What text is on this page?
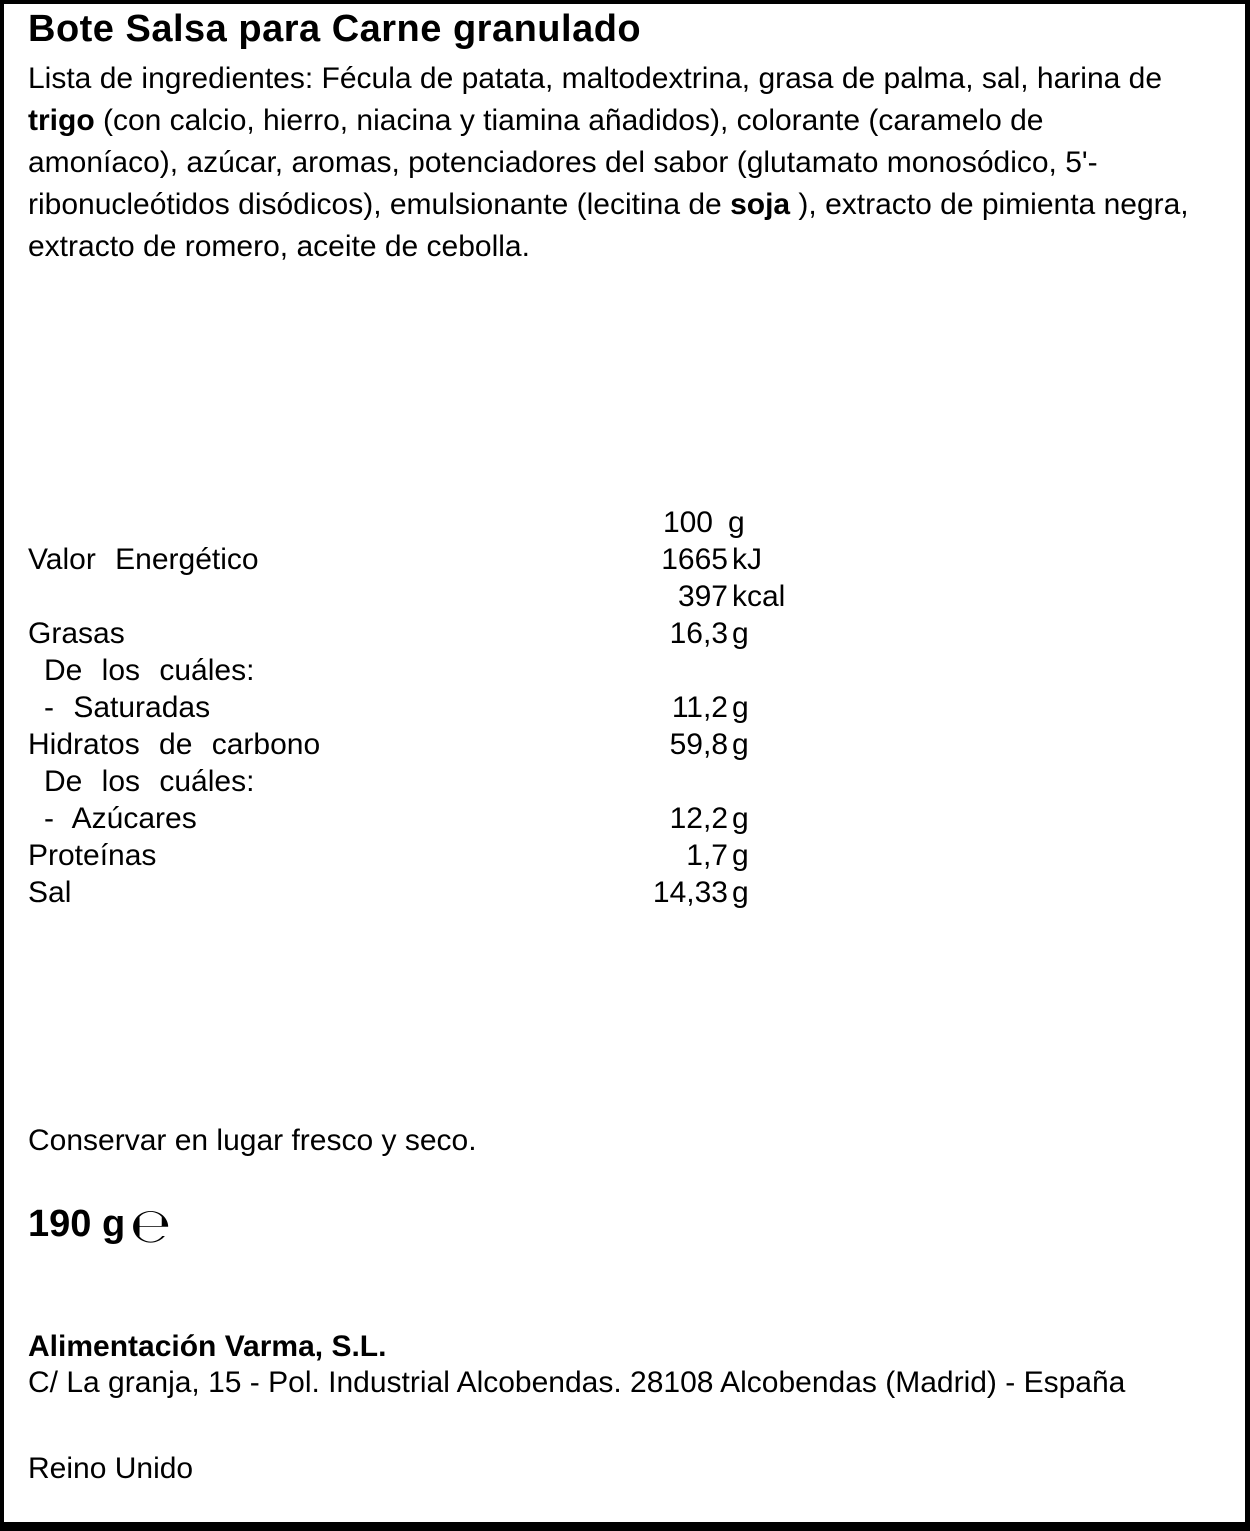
Bote Salsa para Carne granulado

Lista de ingredientes: Fécula de patata, maltodextrina, grasa de palma, sal, harina de trigo (con calcio, hierro, niacina y tiamina añadidos), colorante (caramelo de amoníaco), azúcar, aromas, potenciadores del sabor (glutamato monosódico, 5'-ribonucleótidos disódicos), emulsionante (lecitina de soja ), extracto de pimienta negra, extracto de romero, aceite de cebolla.

100 g
Valor Energético	1665 kJ
397 kcal
Grasas	16,3 g
De los cuáles:
- Saturadas	11,2 g
Hidratos de carbono	59,8 g
De los cuáles:
- Azúcares	12,2 g
Proteínas	1,7 g
Sal	14,33 g

Conservar en lugar fresco y seco.

190 g ℮

Alimentación Varma, S.L.

C/ La granja, 15 - Pol. Industrial Alcobendas. 28108 Alcobendas (Madrid) - España

Reino Unido
